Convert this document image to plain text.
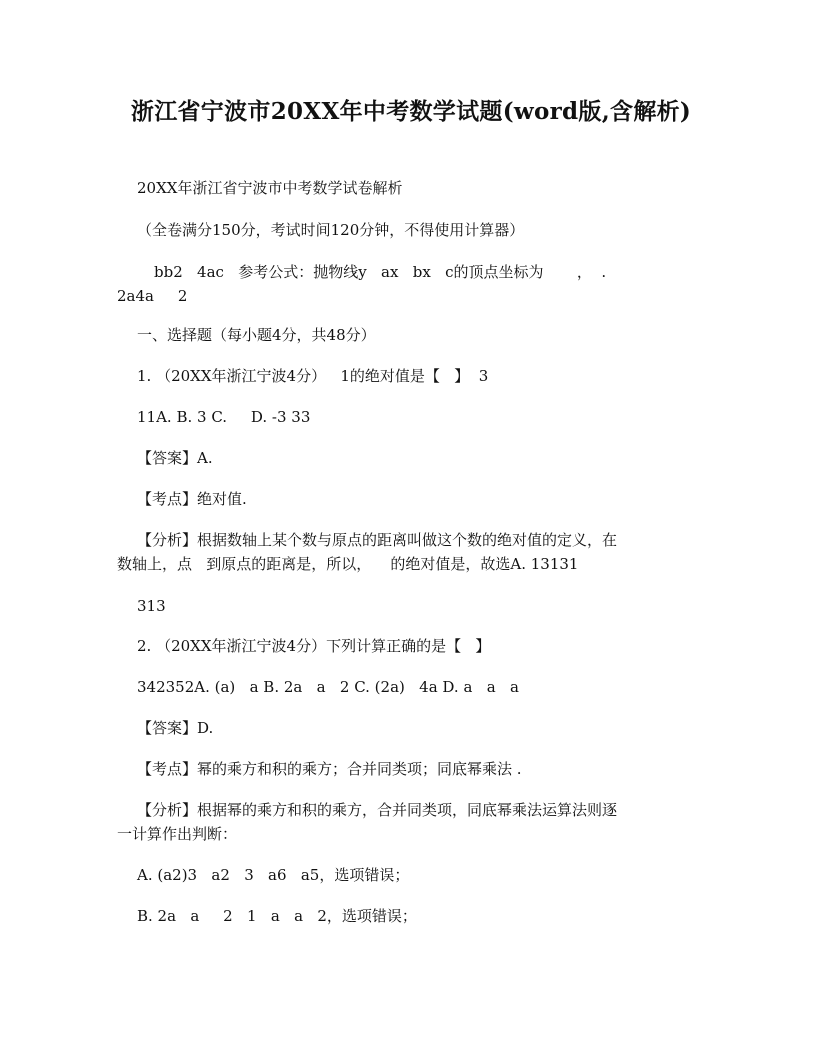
浙江省宁波市20XX年中考数学试题(word版,含解析)
20XX年浙江省宁波市中考数学试卷解析
（全卷满分150分，考试时间120分钟，不得使用计算器）
bb2   4ac   参考公式：抛物线y   ax   bx   c的顶点坐标为       ，  .
2a4a     2
一、选择题（每小题4分，共48分）
1. （20XX年浙江宁波4分）   1的绝对值是【   】  3
11A. B. 3 C.     D. -3 33
【答案】A.
【考点】绝对值.
【分析】根据数轴上某个数与原点的距离叫做这个数的绝对值的定义，在
数轴上，点   到原点的距离是，所以，    的绝对值是，故选A. 13131
313
2. （20XX年浙江宁波4分）下列计算正确的是【   】
342352A. (a)   a B. 2a   a   2 C. (2a)   4a D. a   a   a
【答案】D.
【考点】幂的乘方和积的乘方；合并同类项；同底幂乘法 .
【分析】根据幂的乘方和积的乘方，合并同类项，同底幂乘法运算法则逐
一计算作出判断：
A. (a2)3   a2   3   a6   a5，选项错误；
B. 2a   a     2   1   a   a   2，选项错误；
